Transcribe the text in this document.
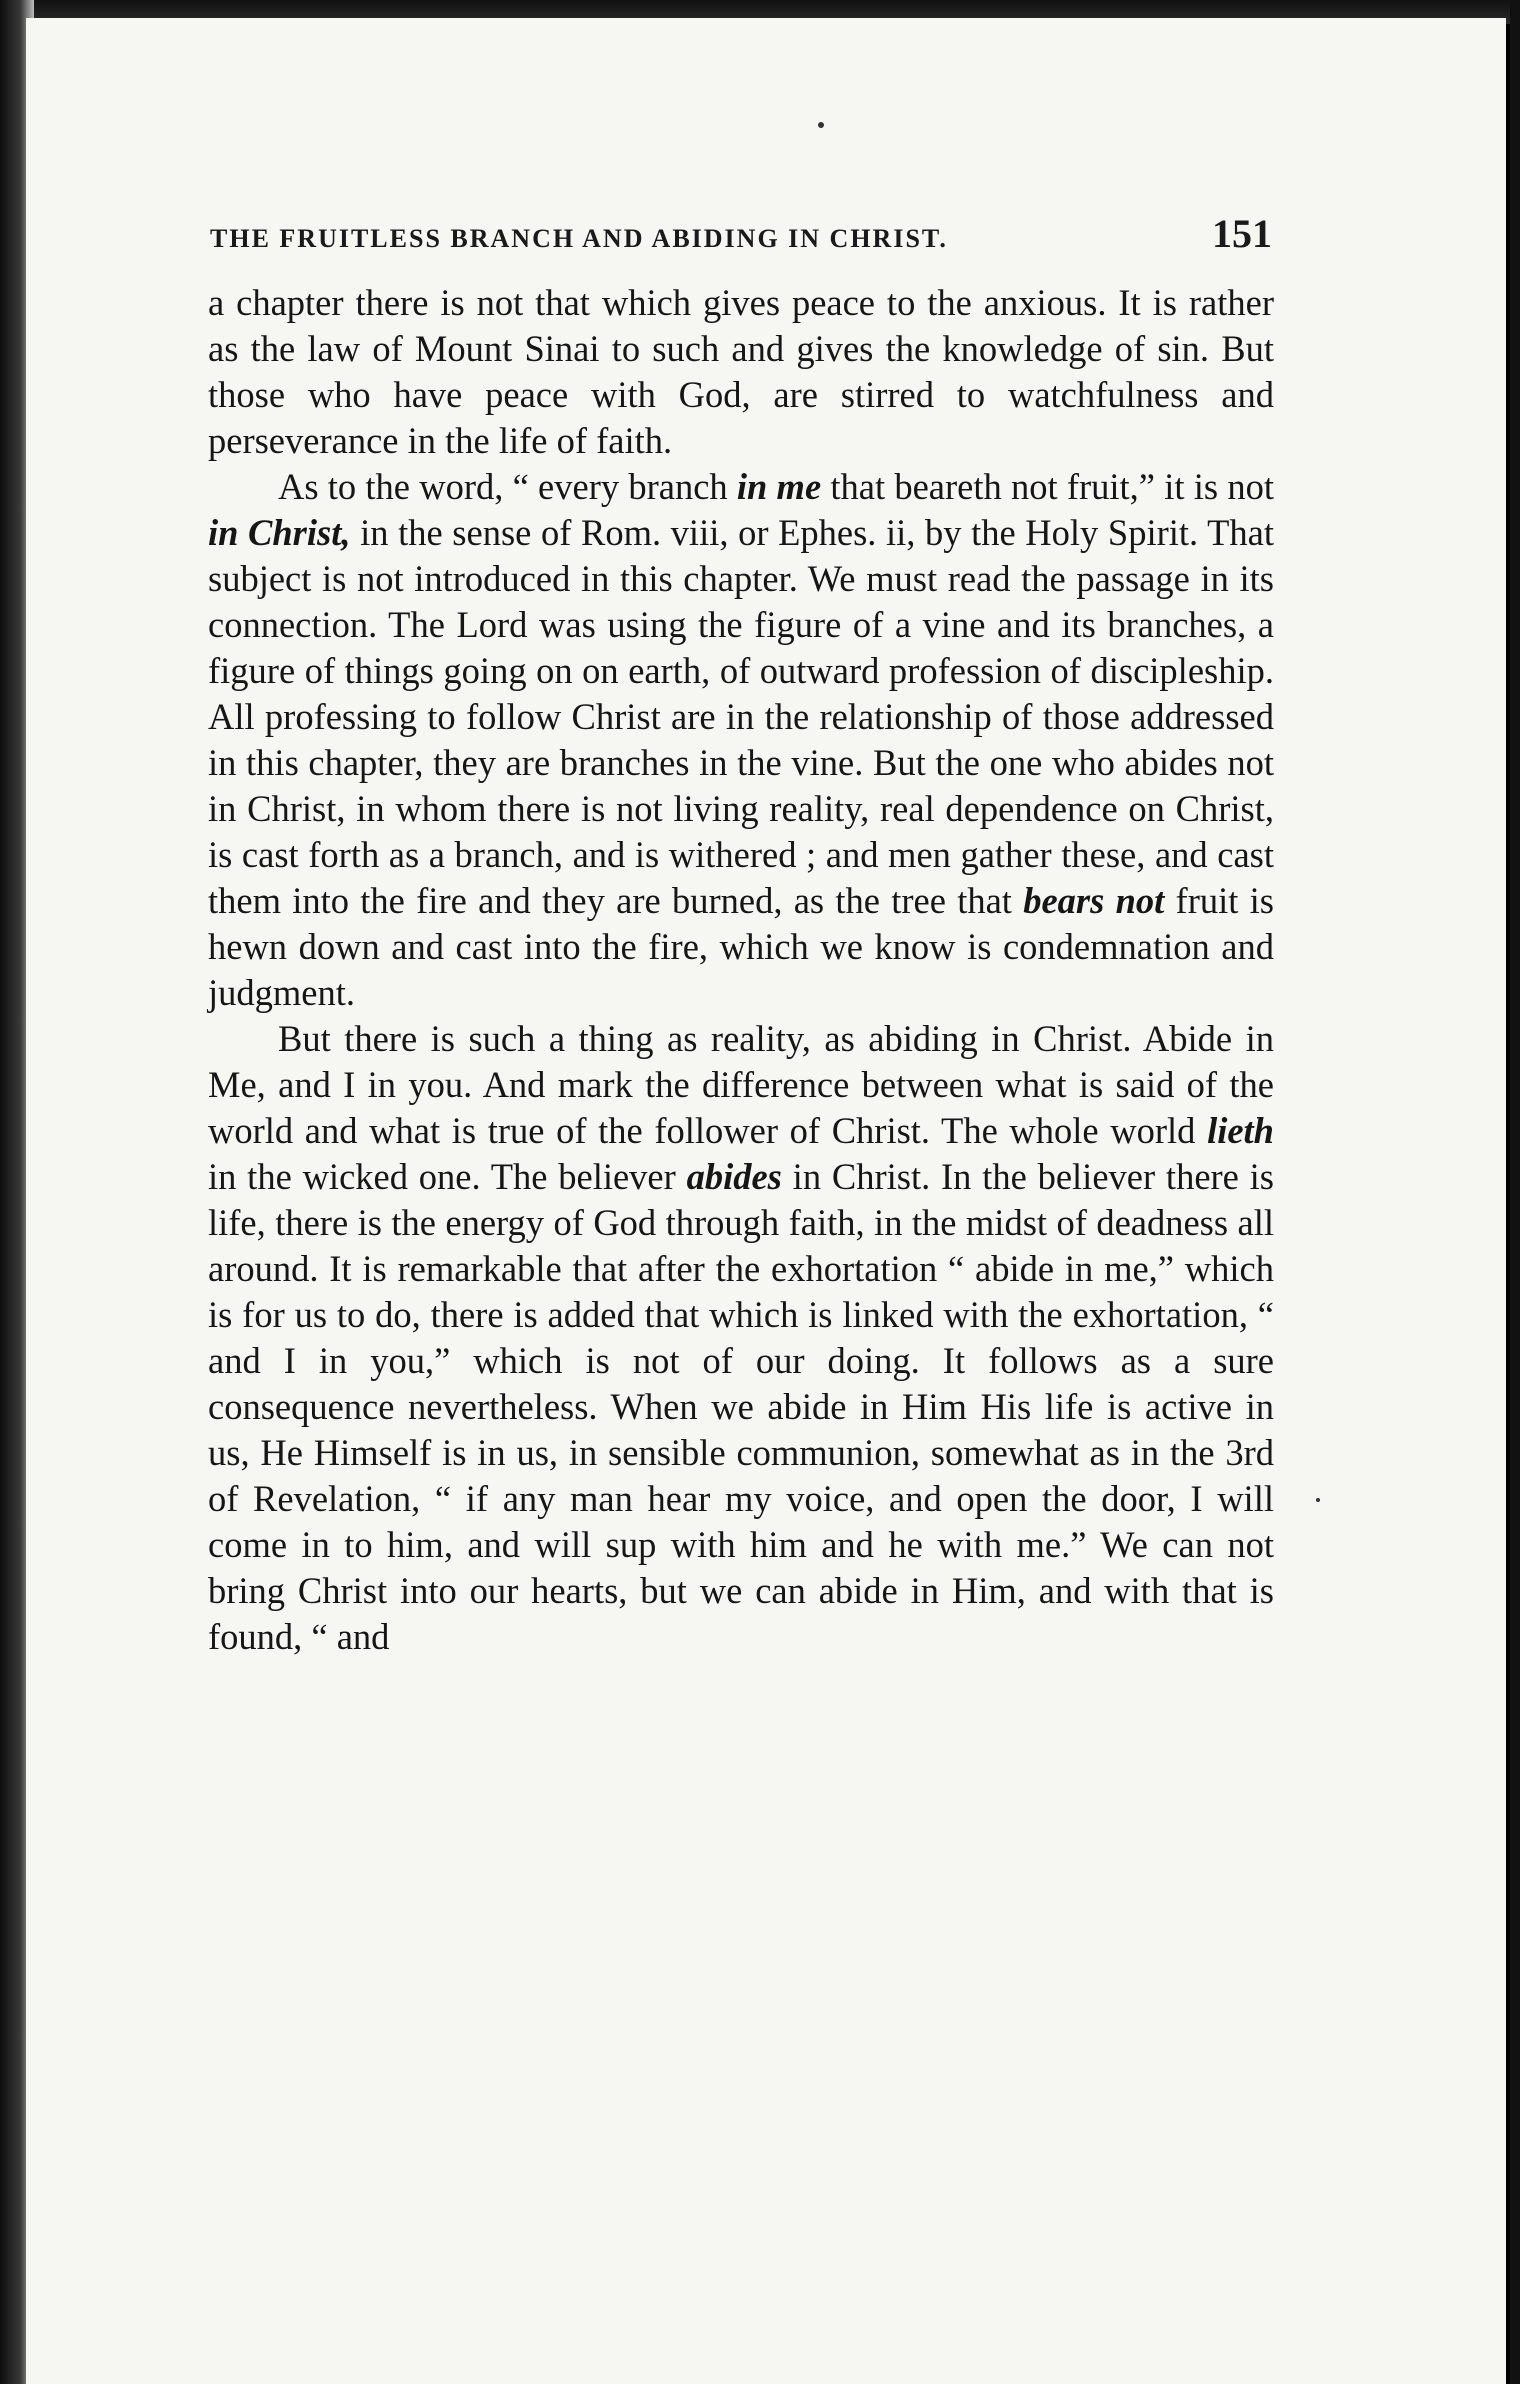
THE FRUITLESS BRANCH AND ABIDING IN CHRIST.	151

a chapter there is not that which gives peace to the anxious. It is rather as the law of Mount Sinai to such and gives the knowledge of sin. But those who have peace with God, are stirred to watchfulness and perseverance in the life of faith.

As to the word, “ every branch in me that beareth not fruit,” it is not in Christ, in the sense of Rom. viii, or Ephes. ii, by the Holy Spirit. That subject is not introduced in this chapter. We must read the passage in its connection. The Lord was using the figure of a vine and its branches, a figure of things going on on earth, of outward profession of discipleship. All professing to follow Christ are in the relationship of those addressed in this chapter, they are branches in the vine. But the one who abides not in Christ, in whom there is not living reality, real dependence on Christ, is cast forth as a branch, and is withered ; and men gather these, and cast them into the fire and they are burned, as the tree that bears not fruit is hewn down and cast into the fire, which we know is condemnation and judgment.

But there is such a thing as reality, as abiding in Christ. Abide in Me, and I in you. And mark the difference between what is said of the world and what is true of the follower of Christ. The whole world lieth in the wicked one. The believer abides in Christ. In the believer there is life, there is the energy of God through faith, in the midst of deadness all around. It is remarkable that after the exhortation “ abide in me,” which is for us to do, there is added that which is linked with the exhortation, “ and I in you,” which is not of our doing. It follows as a sure consequence nevertheless. When we abide in Him His life is active in us, He Himself is in us, in sensible communion, somewhat as in the 3rd of Revelation, “ if any man hear my voice, and open the door, I will come in to him, and will sup with him and he with me.” We can not bring Christ into our hearts, but we can abide in Him, and with that is found, “ and
